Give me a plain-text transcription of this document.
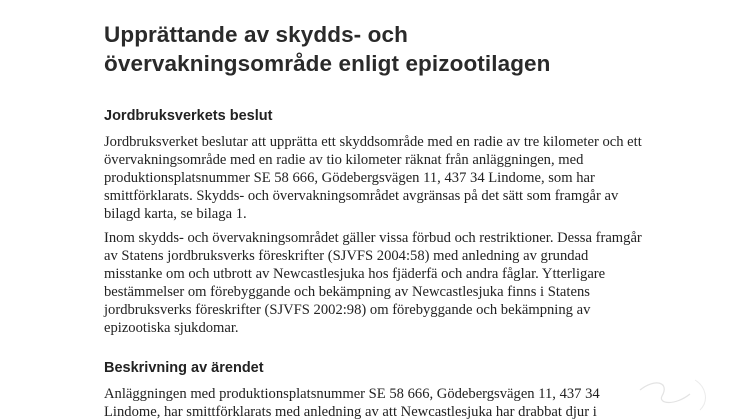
Upprättande av skydds- och
övervakningsområde enligt epizootilagen
Jordbruksverkets beslut

Jordbruksverket beslutar att upprätta ett skyddsområde med en radie av tre kilometer och ett
övervakningsområde med en radie av tio kilometer räknat från anläggningen, med
produktionsplatsnummer SE 58 666, Gödebergsvägen 11, 437 34 Lindome, som har
smittförklarats. Skydds- och övervakningsområdet avgränsas på det sätt som framgår av
bilagd karta, se bilaga 1.

Inom skydds- och övervakningsområdet gäller vissa förbud och restriktioner. Dessa framgår
av Statens jordbruksverks föreskrifter (SJVFS 2004:58) med anledning av grundad
misstanke om och utbrott av Newcastlesjuka hos fjäderfä och andra fåglar. Ytterligare
bestämmelser om förebyggande och bekämpning av Newcastlesjuka finns i Statens
jordbruksverks föreskrifter (SJVFS 2002:98) om förebyggande och bekämpning av
epizootiska sjukdomar.

Beskrivning av ärendet

Anläggningen med produktionsplatsnummer SE 58 666, Gödebergsvägen 11, 437 34
Lindome, har smittförklarats med anledning av att Newcastlesjuka har drabbat djur i
